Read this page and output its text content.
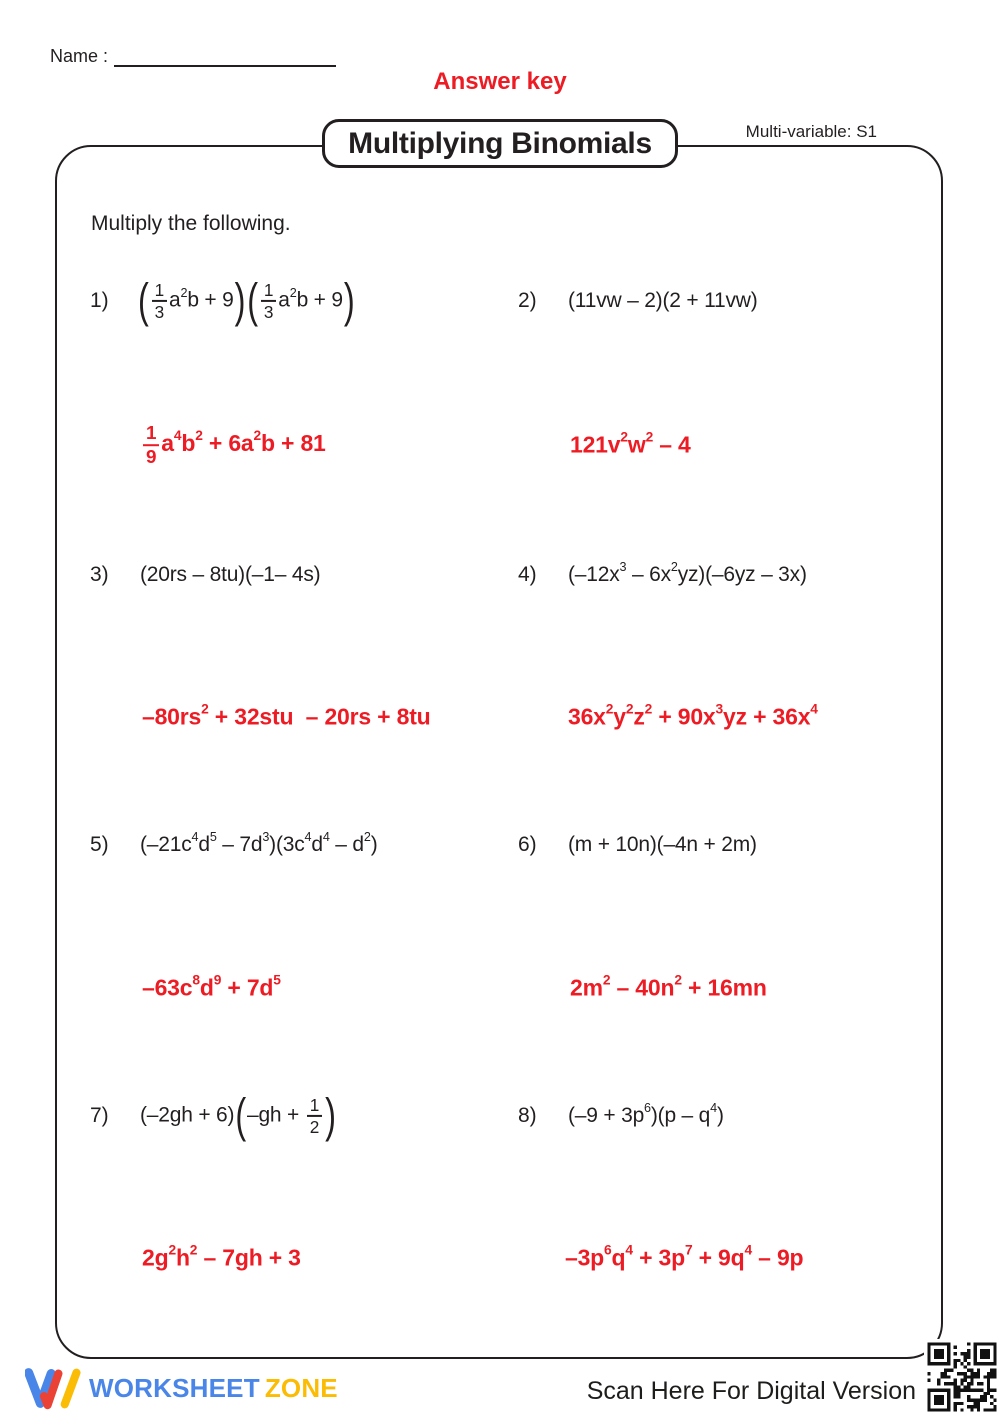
Name :
Answer key
Multiplying Binomials	Multi-variable: S1
Multiply the following.
1) ( $\frac{1}{3} a^2b + 9)( \frac{1}{3} a^2b + 9)$
$\frac{1}{9} a^4b^2 + 6a^2b + 81$
2) (11vw – 2)(2 + 11vw)
$121v^2w^2 - 4$
3) (20rs – 8tu)(–1– 4s)
$-80rs^2 + 32stu - 20rs + 8tu$
4) $(-12x^3 - 6x^2yz)(-6yz - 3x)$
$36x^2y^2z^2 + 90x^3yz + 36x^4$
5) $(-21c^4d^5 - 7d^3)(3c^4d^4 - d^2)$
$-63c^8d^9 + 7d^5$
6) (m + 10n)(–4n + 2m)
$2m^2 - 40n^2 + 16mn$
7) $(-2gh + 6)(-gh + \frac{1}{2}$ )
$2g^2h^2 - 7gh + 3$
8) $(-9 + 3p^6)(p - q^4)$
$-3p^6q^4 + 3p^7 + 9q^4 - 9p$
WORKSHEET ZONE	Scan Here For Digital Version
